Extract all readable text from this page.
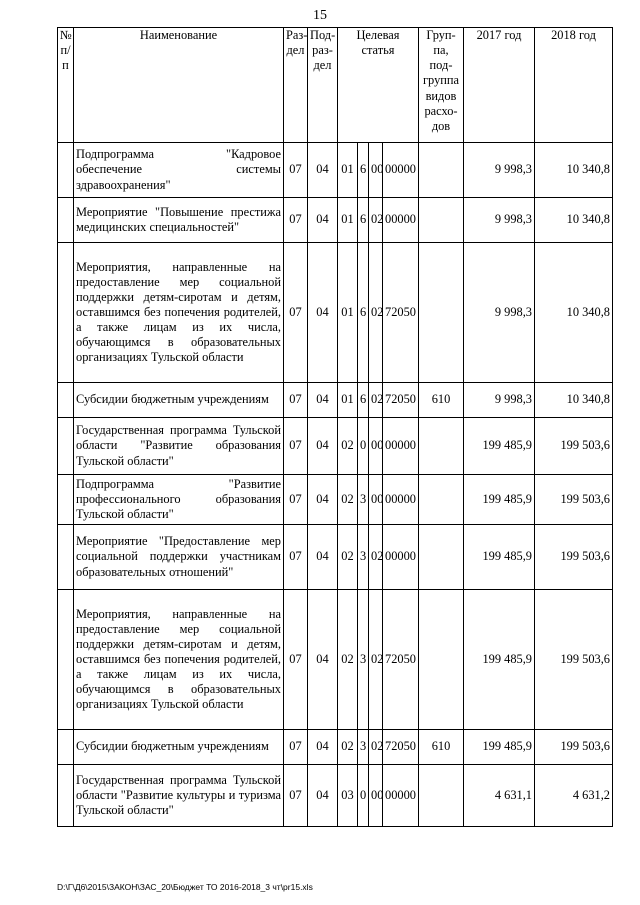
15
№ п/п	Наименование	Раз-дел	Под-раз-дел	Целевая статья				Груп-па, под-группа видов расхо-дов	2017 год	2018 год
	Подпрограмма "Кадровое обеспечение системы здравоохранения"	07	04	01	6	00	00000		9 998,3	10 340,8
	Мероприятие "Повышение престижа медицинских специальностей"	07	04	01	6	02	00000		9 998,3	10 340,8
	Мероприятия, направленные на предоставление мер социальной поддержки детям-сиротам и детям, оставшимся без попечения родителей, а также лицам из их числа, обучающимся в образовательных организациях Тульской области	07	04	01	6	02	72050		9 998,3	10 340,8
	Субсидии бюджетным учреждениям	07	04	01	6	02	72050	610	9 998,3	10 340,8
	Государственная программа Тульской области "Развитие образования Тульской области"	07	04	02	0	00	00000		199 485,9	199 503,6
	Подпрограмма "Развитие профессионального образования Тульской области"	07	04	02	3	00	00000		199 485,9	199 503,6
	Мероприятие "Предоставление мер социальной поддержки участникам образовательных отношений"	07	04	02	3	02	00000		199 485,9	199 503,6
	Мероприятия, направленные на предоставление мер социальной поддержки детям-сиротам и детям, оставшимся без попечения родителей, а также лицам из их числа, обучающимся в образовательных организациях Тульской области	07	04	02	3	02	72050		199 485,9	199 503,6
	Субсидии бюджетным учреждениям	07	04	02	3	02	72050	610	199 485,9	199 503,6
	Государственная программа Тульской области "Развитие культуры и туризма Тульской области"	07	04	03	0	00	00000		4 631,1	4 631,2
D:\Г\Д6\2015\ЗАКОН\ЗАС_20\Бюджет ТО 2016-2018_3 чт\pr15.xls
